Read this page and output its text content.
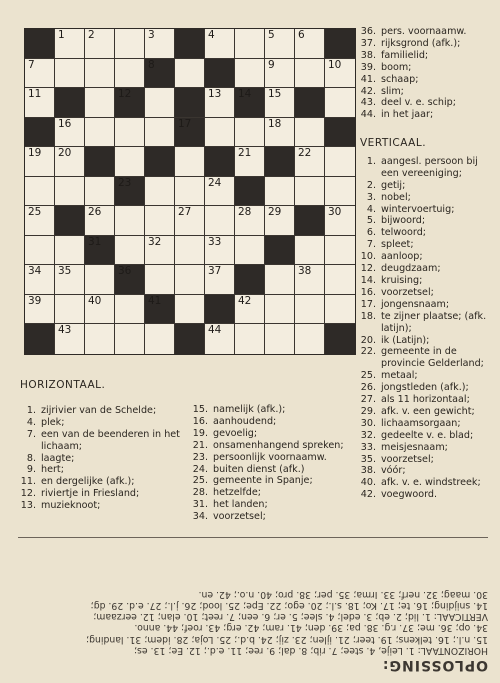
1 2	3	4	5 6
7	8	9	10
11	12	13 14 15
16	17	18
19 20	21	22
23	24
25	26	27	28 29	30
31	32	33
34 35	36	37	38
39	40	41	42
43	44
36. pers. voornaamw.
37. rijksgrond (afk.);
38. familielid;
39. boom;
41. schaap;
42. slim;
43. deel v. e. schip;
44. in het jaar;
VERTICAAL.
1. aangesl. persoon bij een vereeniging;
2. getij;
3. nobel;
4. wintervoertuig;
5. bijwoord;
6. telwoord;
7. spleet;
10. aanloop;
12. deugdzaam;
14. kruising;
16. voorzetsel;
17. jongensnaam;
18. te zijner plaatse; (afk. latijn);
20. ik (Latijn);
22. gemeente in de provincie Gelderland;
25. metaal;
26. jongstleden (afk.);
27. als 11 horizontaal;
29. afk. v. een gewicht;
30. lichaamsorgaan;
32. gedeelte v. e. blad;
33. meisjesnaam;
35. voorzetsel;
38. vóór;
40. afk. v. e. windstreek;
42. voegwoord.
HORIZONTAAL.
1. zijrivier van de Schelde;
4. plek;
7. een van de beenderen in het lichaam;
8. laagte;
9. hert;
11. en dergelijke (afk.);
12. riviertje in Friesland;
13. muzieknoot;
15. namelijk (afk.);
16. aanhoudend;
19. gevoelig;
21. onsamenhangend spreken;
23. persoonlijk voornaamw.
24. buiten dienst (afk.)
25. gemeente in Spanje;
28. hetzelfde;
31. het landen;
34. voorzetsel;
OPLOSSING:
HORIZONTAAL: 1. Leije, 4. stee; 7. rib; 8. dal; 9. ree; 11. e.d.; 12. Ee; 13. es;
15. n.l.; 16. telkens; 19. teer; 21. ijlen; 23. zij; 24. b.d.; 25. Loja; 28. idem; 31. landing;
34. op; 36. me; 37. r.g. 38. pa; 39. den; 41. ram; 42. erg; 43. roef; 44. anno.
VERTICAAL: 1. lid; 2. eb; 3. edel; 4. slee; 5. er; 6. een; 7. reet; 10. elan; 12. eerzaam;
14. snijding; 16. te; 17. Ko; 18. s.l.; 20. ego; 22. Epe; 25. lood; 26. j.l.; 27. e.d. 29. dg;
30. maag; 32. nerf; 33. Irma; 35. per; 38. pro; 40. n.o.; 42. en.
